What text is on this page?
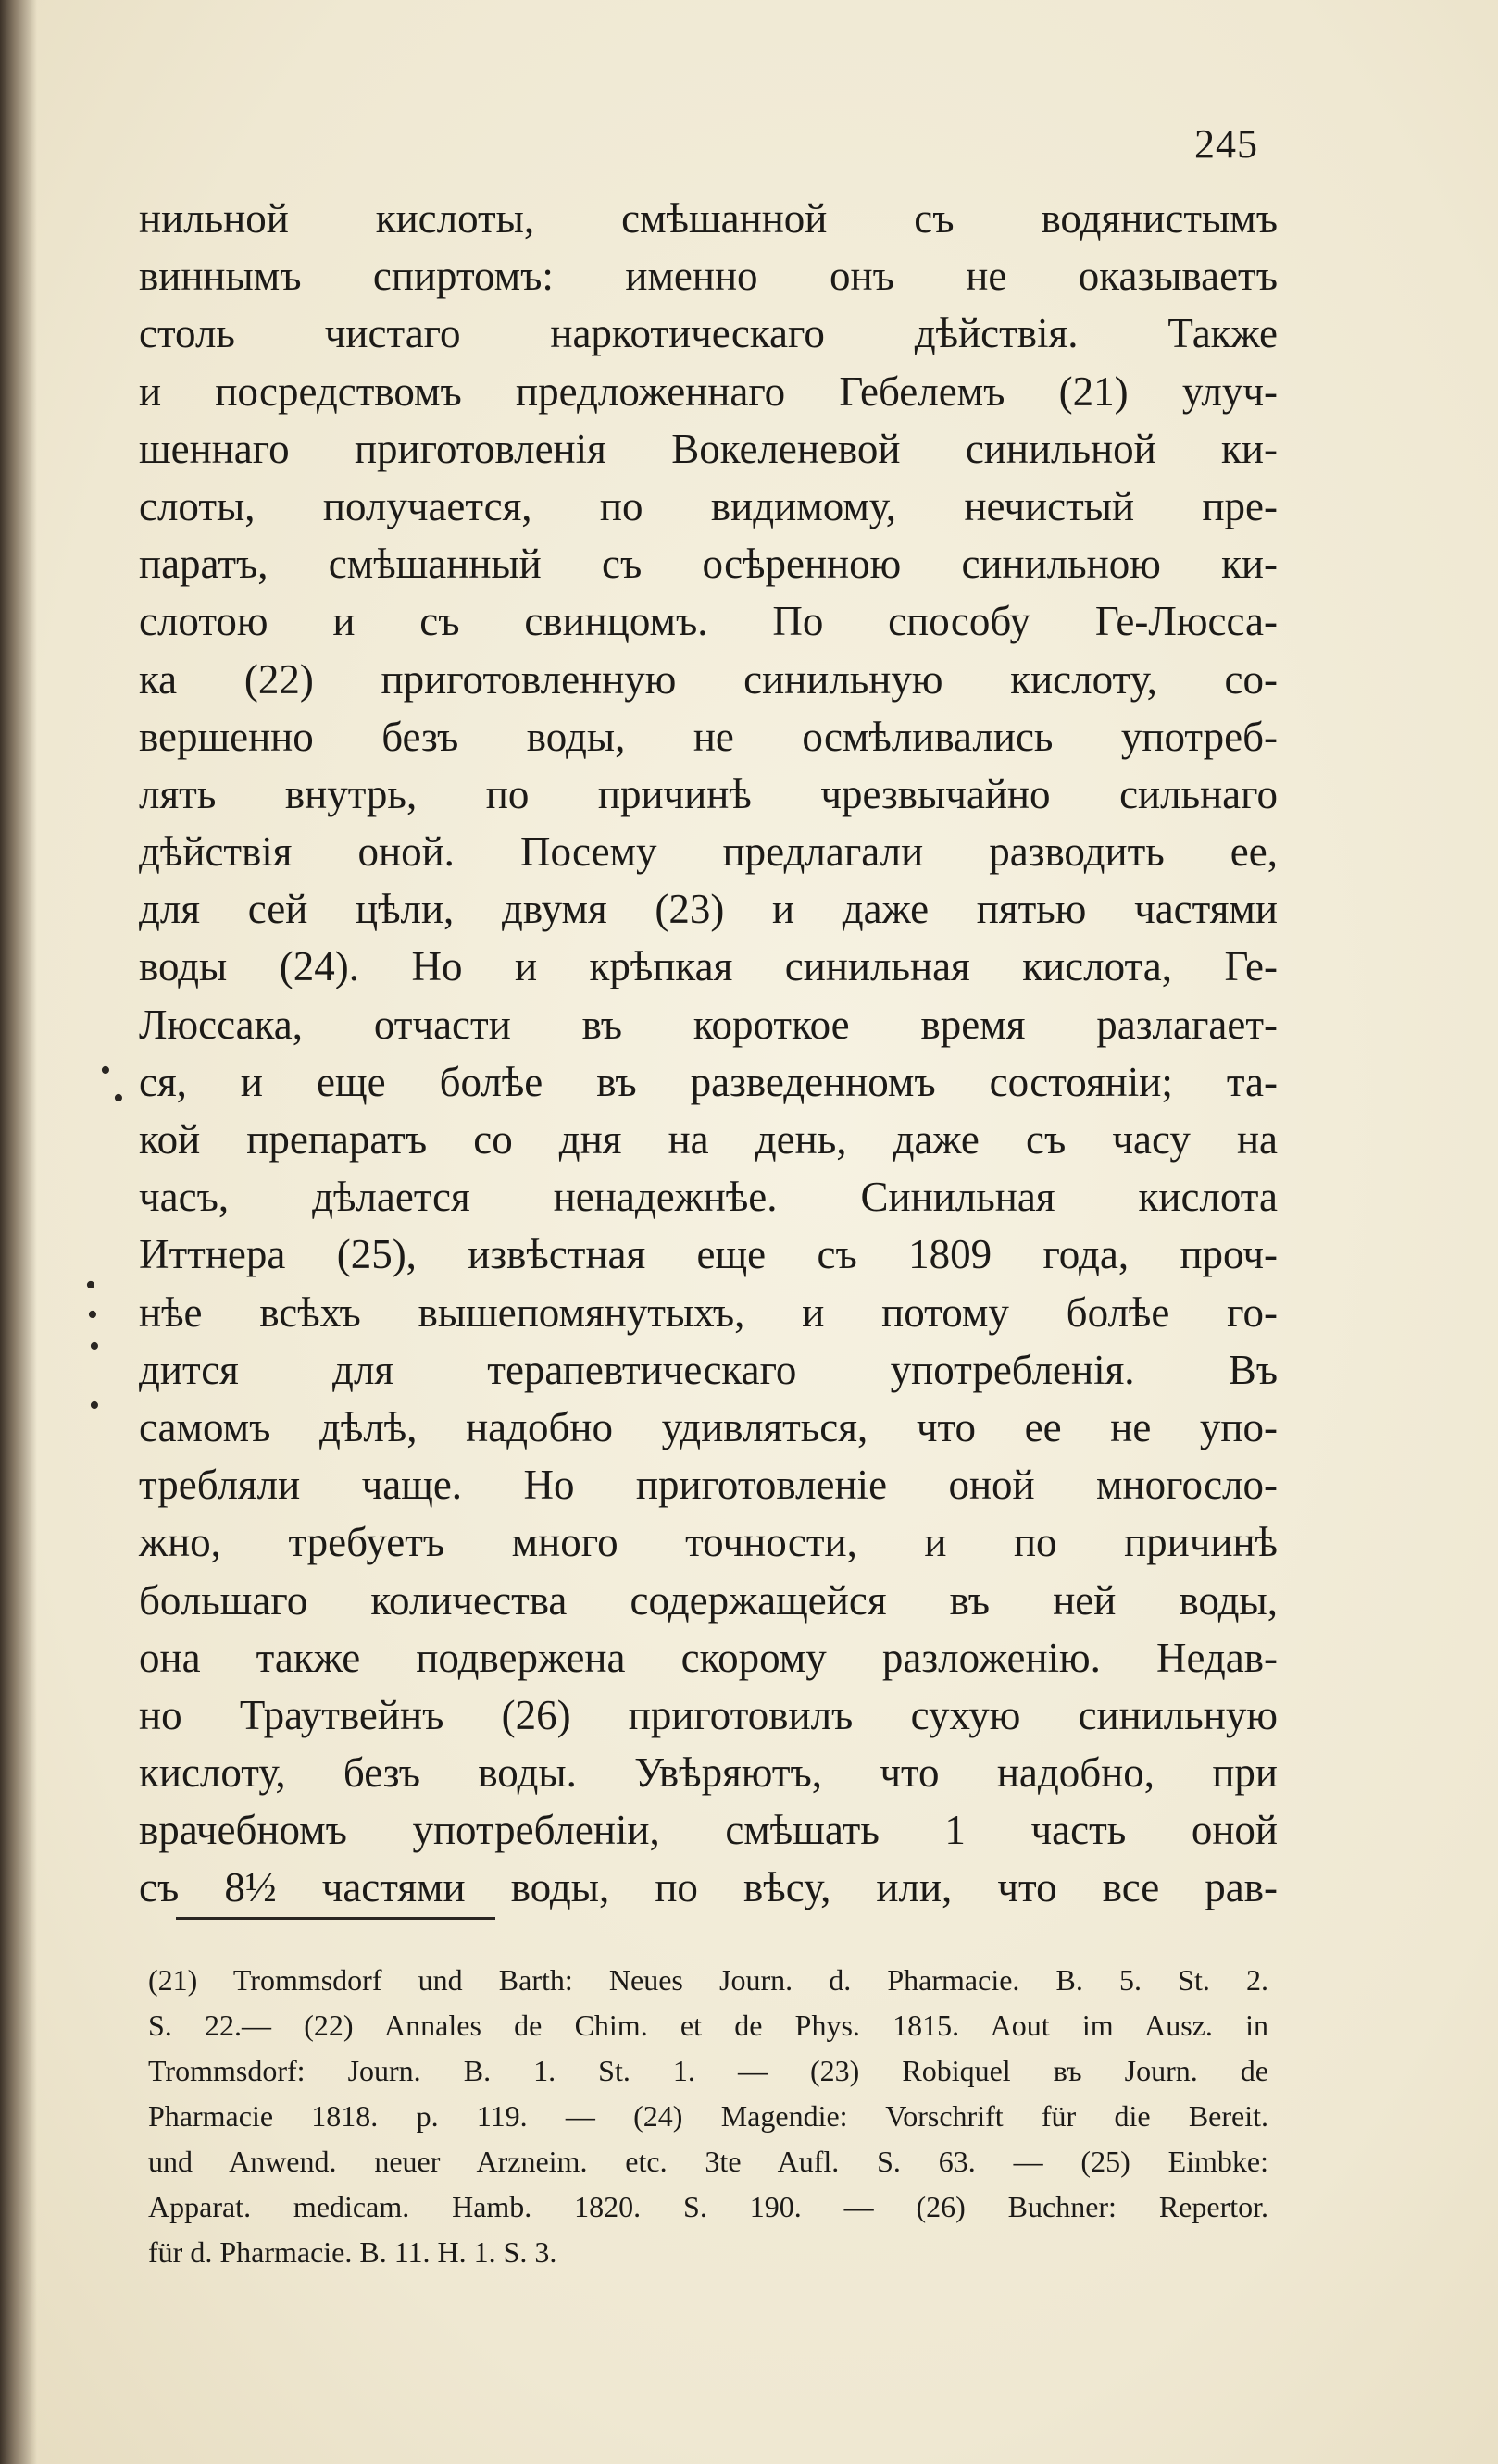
245
нильной кислоты, смѣшанной съ водянистымъ
виннымъ спиртомъ: именно онъ не оказываетъ
столь чистаго наркотическаго дѣйствія. Также
и посредствомъ предложеннаго Гебелемъ (21) улуч-
шеннаго приготовленія Вокеленевой синильной ки-
слоты, получается, по видимому, нечистый пре-
паратъ, смѣшанный съ осѣренною синильною ки-
слотою и съ свинцомъ. По способу Ге-Люсса-
ка (22) приготовленную синильную кислоту, со-
вершенно безъ воды, не осмѣливались употреб-
лять внутрь, по причинѣ чрезвычайно сильнаго
дѣйствія оной. Посему предлагали разводить ее,
для сей цѣли, двумя (23) и даже пятью частями
воды (24). Но и крѣпкая синильная кислота, Ге-
Люссака, отчасти въ короткое время разлагает-
ся, и еще болѣе въ разведенномъ состояніи; та-
кой препаратъ со дня на день, даже съ часу на
часъ, дѣлается ненадежнѣе. Синильная кислота
Иттнера (25), извѣстная еще съ 1809 года, проч-
нѣе всѣхъ вышепомянутыхъ, и потому болѣе го-
дится для терапевтическаго употребленія. Въ
самомъ дѣлѣ, надобно удивляться, что ее не упо-
требляли чаще. Но приготовленіе оной многосло-
жно, требуетъ много точности, и по причинѣ
большаго количества содержащейся въ ней воды,
она также подвержена скорому разложенію. Недав-
но Траутвейнъ (26) приготовилъ сухую синильную
кислоту, безъ воды. Увѣряютъ, что надобно, при
врачебномъ употребленіи, смѣшать 1 часть оной
съ 8½ частями воды, по вѣсу, или, что все рав-
(21) Trommsdorf und Barth: Neues Journ. d. Pharmacie. B. 5. St. 2.
S. 22.— (22) Annales de Chim. et de Phys. 1815. Aout im Ausz. in
Trommsdorf: Journ. B. 1. St. 1. — (23) Robiquel въ Journ. de
Pharmacie 1818. p. 119. — (24) Magendie: Vorschrift für die Bereit.
und Anwend. neuer Arzneim. etc. 3te Aufl. S. 63. — (25) Eimbke:
Apparat. medicam. Hamb. 1820. S. 190. — (26) Buchner: Repertor.
für d. Pharmacie. B. 11. H. 1. S. 3.
•
•
•
•
•
•
